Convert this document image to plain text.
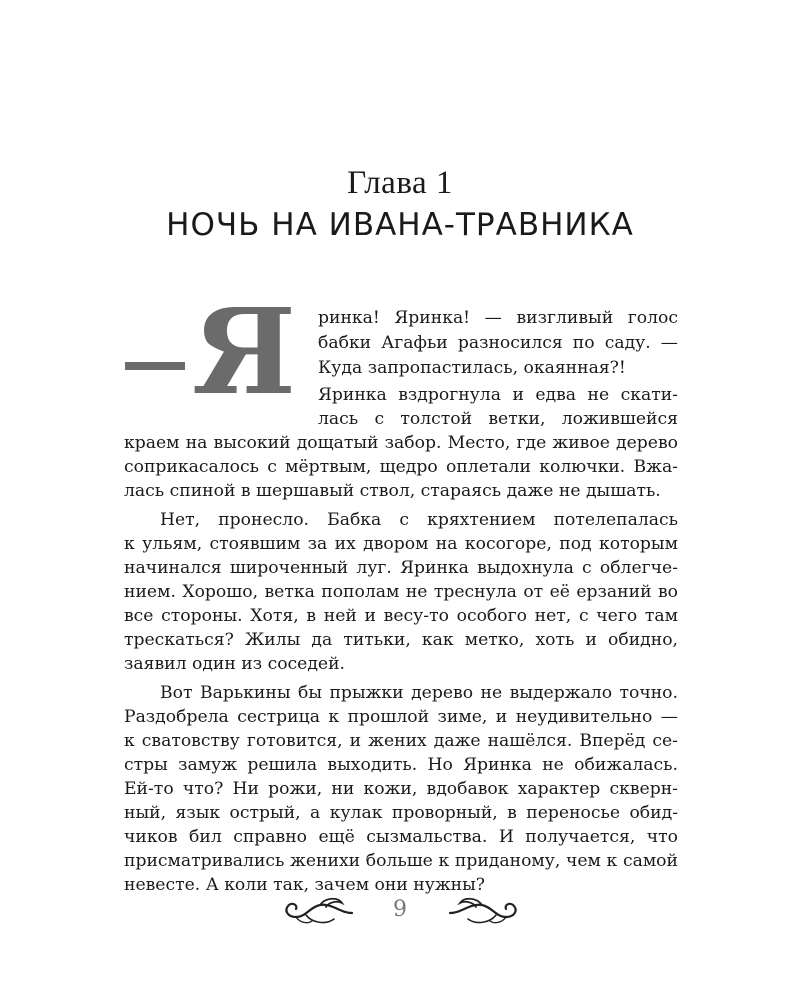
Глава 1
НОЧЬ НА ИВАНА-ТРАВНИКА
Я ринка! Яринка! — визгливый голос
бабки Агафьи разносился по саду. —
Куда запропастилась, окаянная?!
Яринка вздрогнула и едва не скати-
лась с толстой ветки, ложившейся
краем на высокий дощатый забор. Место, где живое дерево
соприкасалось с мёртвым, щедро оплетали колючки. Вжа-
лась спиной в шершавый ствол, стараясь даже не дышать.
Нет, пронесло. Бабка с кряхтением потелепалась
к ульям, стоявшим за их двором на косогоре, под которым
начинался широченный луг. Яринка выдохнула с облегче-
нием. Хорошо, ветка пополам не треснула от её ерзаний во
все стороны. Хотя, в ней и весу-то особого нет, с чего там
трескаться? Жилы да титьки, как метко, хоть и обидно,
заявил один из соседей.
Вот Варькины бы прыжки дерево не выдержало точно.
Раздобрела сестрица к прошлой зиме, и неудивительно —
к сватовству готовится, и жених даже нашёлся. Вперёд се-
стры замуж решила выходить. Но Яринка не обижалась.
Ей-то что? Ни рожи, ни кожи, вдобавок характер скверн-
ный, язык острый, а кулак проворный, в переносье обид-
чиков бил справно ещё сызмальства. И получается, что
присматривались женихи больше к приданому, чем к самой
невесте. А коли так, зачем они нужны?
9
